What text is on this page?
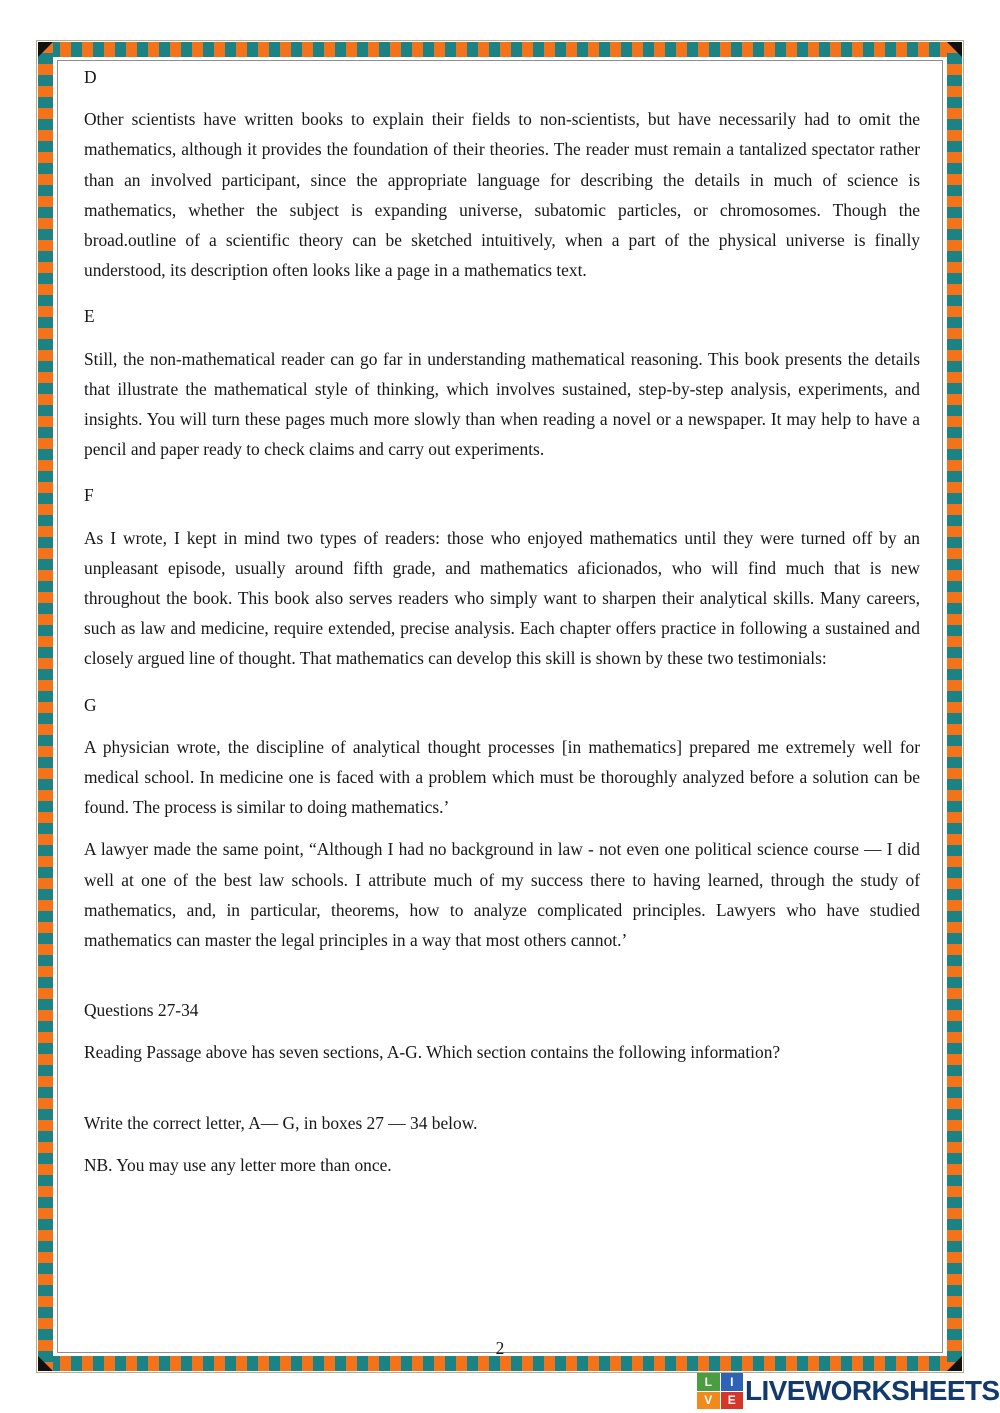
D

Other scientists have written books to explain their fields to non-scientists, but have necessarily had to omit the mathematics, although it provides the foundation of their theories. The reader must remain a tantalized spectator rather than an involved participant, since the appropriate language for describing the details in much of science is mathematics, whether the subject is expanding universe, subatomic particles, or chromosomes. Though the broad.outline of a scientific theory can be sketched intuitively, when a part of the physical universe is finally understood, its description often looks like a page in a mathematics text.

E

Still, the non-mathematical reader can go far in understanding mathematical reasoning. This book presents the details that illustrate the mathematical style of thinking, which involves sustained, step-by-step analysis, experiments, and insights. You will turn these pages much more slowly than when reading a novel or a newspaper. It may help to have a pencil and paper ready to check claims and carry out experiments.

F

As I wrote, I kept in mind two types of readers: those who enjoyed mathematics until they were turned off by an unpleasant episode, usually around fifth grade, and mathematics aficionados, who will find much that is new throughout the book. This book also serves readers who simply want to sharpen their analytical skills. Many careers, such as law and medicine, require extended, precise analysis. Each chapter offers practice in following a sustained and closely argued line of thought. That mathematics can develop this skill is shown by these two testimonials:

G

A physician wrote, the discipline of analytical thought processes [in mathematics] prepared me extremely well for medical school. In medicine one is faced with a problem which must be thoroughly analyzed before a solution can be found. The process is similar to doing mathematics.’

A lawyer made the same point, “Although I had no background in law - not even one political science course — I did well at one of the best law schools. I attribute much of my success there to having learned, through the study of mathematics, and, in particular, theorems, how to analyze complicated principles. Lawyers who have studied mathematics can master the legal principles in a way that most others cannot.’

Questions 27-34

Reading Passage above has seven sections, A-G. Which section contains the following information?

Write the correct letter, A— G, in boxes 27 — 34 below.

NB. You may use any letter more than once.

2
L	I
V	E LIVEWORKSHEETS
